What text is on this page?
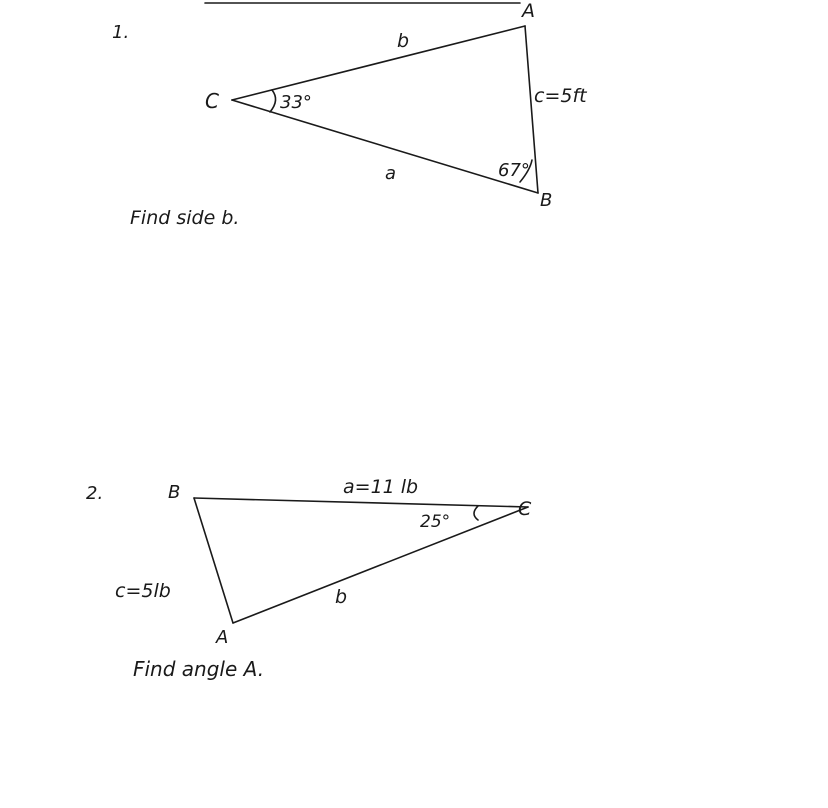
1.
A
B
C
b
a
c=5ft
33°
67°
Find side b.
2.	B
A
C
a=11 lb
b
c=5lb
25°
Find angle A.
